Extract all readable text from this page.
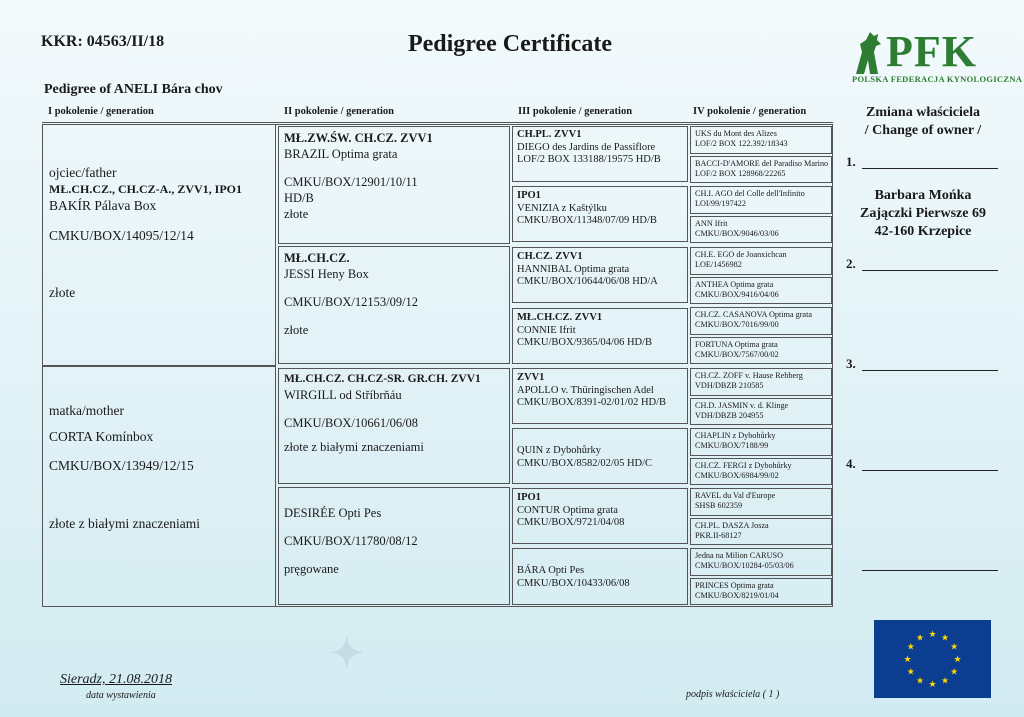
KKR: 04563/II/18	Pedigree Certificate	PFK
POLSKA FEDERACJA KYNOLOGICZNA
Pedigree of ANELI Bára chov
I pokolenie / generation	II pokolenie / generation	III pokolenie / generation	IV pokolenie / generation
ojciec/father
MŁ.CH.CZ., CH.CZ-A., ZVV1, IPO1
BAKÍR Pálava Box
CMKU/BOX/14095/12/14
złote
matka/mother
CORTA Komínbox
CMKU/BOX/13949/12/15
złote z białymi znaczeniami
MŁ.ZW.ŚW. CH.CZ. ZVV1
BRAZIL Optima grata
CMKU/BOX/12901/10/11
HD/B
złote
MŁ.CH.CZ.
JESSI Heny Box
CMKU/BOX/12153/09/12
złote
MŁ.CH.CZ. CH.CZ-SR. GR.CH. ZVV1
WIRGILL od Stříbrňáu
CMKU/BOX/10661/06/08
złote z białymi znaczeniami
DESIRÉE Opti Pes
CMKU/BOX/11780/08/12
pręgowane
CH.PL. ZVV1
DIEGO des Jardins de Passiflore
LOF/2 BOX 133188/19575 HD/B
IPO1
VENIZIA z Kaštýlku
CMKU/BOX/11348/07/09 HD/B
CH.CZ. ZVV1
HANNIBAL Optima grata
CMKU/BOX/10644/06/08 HD/A
MŁ.CH.CZ. ZVV1
CONNIE Ifrit
CMKU/BOX/9365/04/06 HD/B
ZVV1
APOLLO v. Thüringischen Adel
CMKU/BOX/8391-02/01/02 HD/B
QUIN z Dybohůrky
CMKU/BOX/8582/02/05 HD/C
IPO1
CONTUR Optima grata
CMKU/BOX/9721/04/08
BÁRA Opti Pes
CMKU/BOX/10433/06/08
UKS du Mont des Alizes
LOF/2 BOX 122.392/18343
BACCI-D'AMORE del Paradiso Marino
LOF/2 BOX 128968/22265
CH.I. AGO del Colle dell'Infinito
LOI/99/197422
ANN Ifrit
CMKU/BOX/9046/03/06
CH.E. EGO de Joanxichcan
LOE/1456982
ANTHEA Optima grata
CMKU/BOX/9416/04/06
CH.CZ. CASANOVA Optima grata
CMKU/BOX/7016/99/00
FORTUNA Optima grata
CMKU/BOX/7567/00/02
CH.CZ. ZOFF v. Hause Rehberg
VDH/DBZB 210585
CH.D. JASMIN v. d. Klinge
VDH/DBZB 204955
CHAPLIN z Dybohůrky
CMKU/BOX/7188/99
CH.CZ. FERGI z Dybohůrky
CMKU/BOX/6984/99/02
RAVEL du Val d'Europe
SHSB 602359
CH.PL. DASZA Josza
PKR.II-68127
Jedna na Milion CARUSO
CMKU/BOX/10284-05/03/06
PRINCES Optima grata
CMKU/BOX/8219/01/04
Zmiana właściciela
/ Change of owner /
1.
Barbara Mońka
Zajączki Pierwsze 69
42-160 Krzepice
2.
3.
4.
✦
Sieradz, 21.08.2018
data wystawienia	podpis właściciela ( 1 )
★ ★
★
★
★
★
★
★
★
★
★
★
